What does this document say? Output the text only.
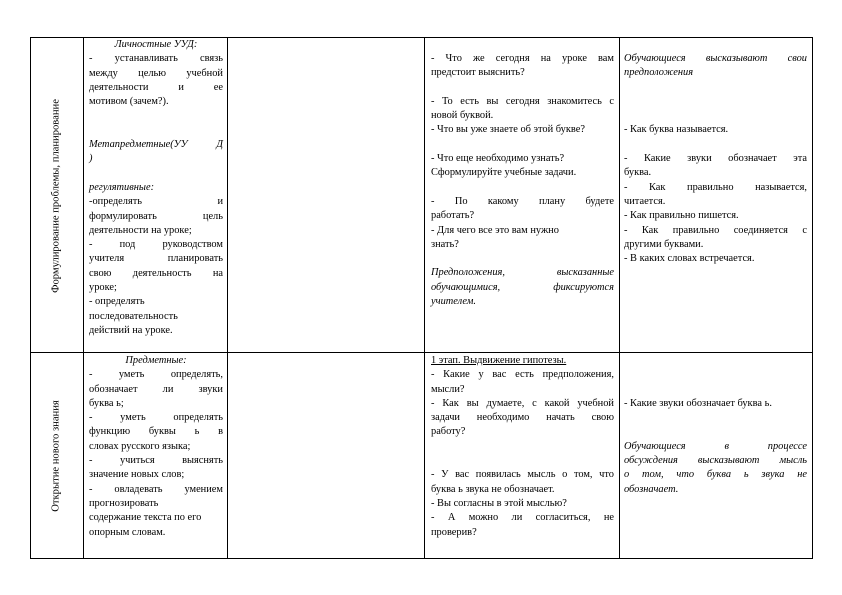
Формулирование проблемы, планирование

Личностные УУД:

- устанавливать связь

между целью учебной

деятельности и ее

мотивом (зачем?).

Метапредметные(УУ Д

)

регулятивные:

-определять и

формулировать цель

деятельности на уроке;

- под руководством

учителя планировать

свою деятельность на

уроке;

- определять

последовательность

действий на уроке.

- Что же сегодня на уроке вам

предстоит выяснить?

- То есть вы сегодня знакомитесь с

новой буквой.

- Что вы уже знаете об этой букве?

- Что еще необходимо узнать?

Сформулируйте учебные задачи.

- По какому плану будете

работать?

- Для чего все это вам нужно

знать?

Предположения, высказанные

обучающимися, фиксируются

учителем.

Обучающиеся высказывают свои

предположения

- Как буква называется.

- Какие звуки обозначает эта

буква.

- Как правильно называется,

читается.

- Как правильно пишется.

- Как правильно соединяется с

другими буквами.

- В каких словах встречается.

Открытие нового знания

Предметные:

- уметь определять,

обозначает ли звуки

буква ь;

- уметь определять

функцию буквы ь в

словах русского языка;

- учиться выяснять

значение новых слов;

- овладевать умением

прогнозировать

содержание текста по его

опорным словам.

1 этап. Выдвижение гипотезы.

- Какие у вас есть предположения,

мысли?

- Как вы думаете, с какой учебной

задачи необходимо начать свою

работу?

- У вас появилась мысль о том, что

буква ь звука не обозначает.

- Вы согласны в этой мыслью?

- А можно ли согласиться, не

проверив?

- Какие звуки обозначает буква ь.

Обучающиеся в процессе

обсуждения высказывают мысль

о том, что буква ь звука не

обозначает.
